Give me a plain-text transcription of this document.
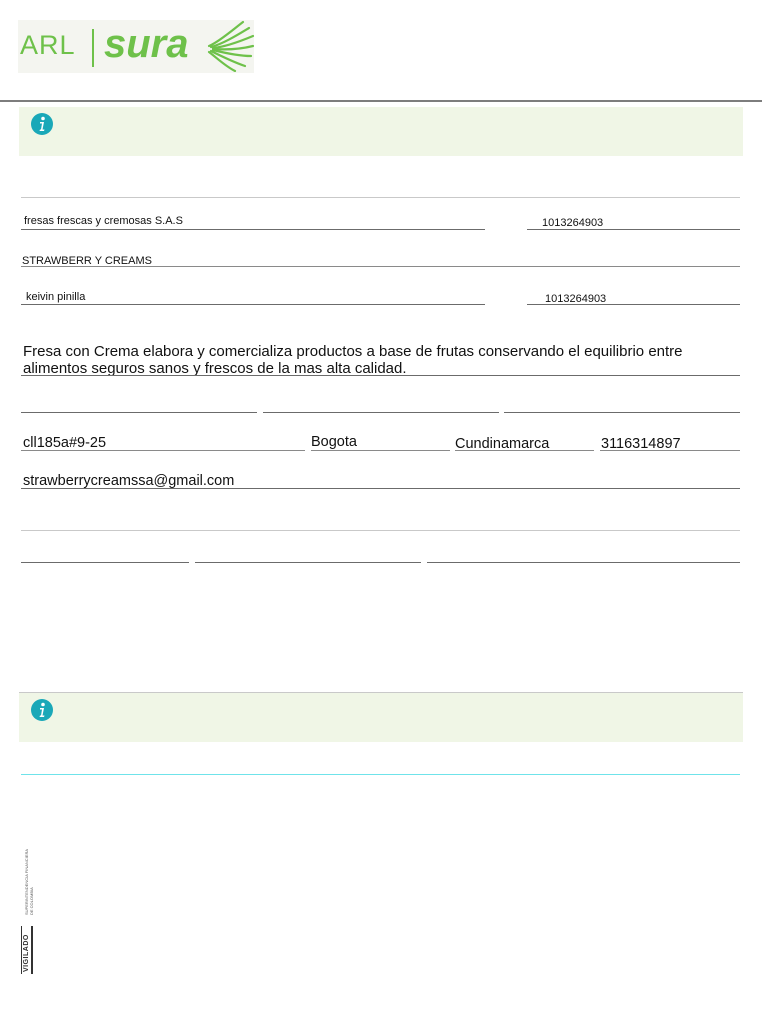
ARL sura
fresas frescas y cremosas S.A.S	1013264903
STRAWBERR Y CREAMS
keivin pinilla	1013264903
Fresa con Crema elabora y comercializa productos a base de frutas conservando el equilibrio entre alimentos seguros sanos y frescos de la mas alta calidad.
cll185a#9-25	Bogota	Cundinamarca	3116314897
strawberrycreamssa@gmail.com
VIGILADO
SUPERINTENDENCIA FINANCIERA DE COLOMBIA
